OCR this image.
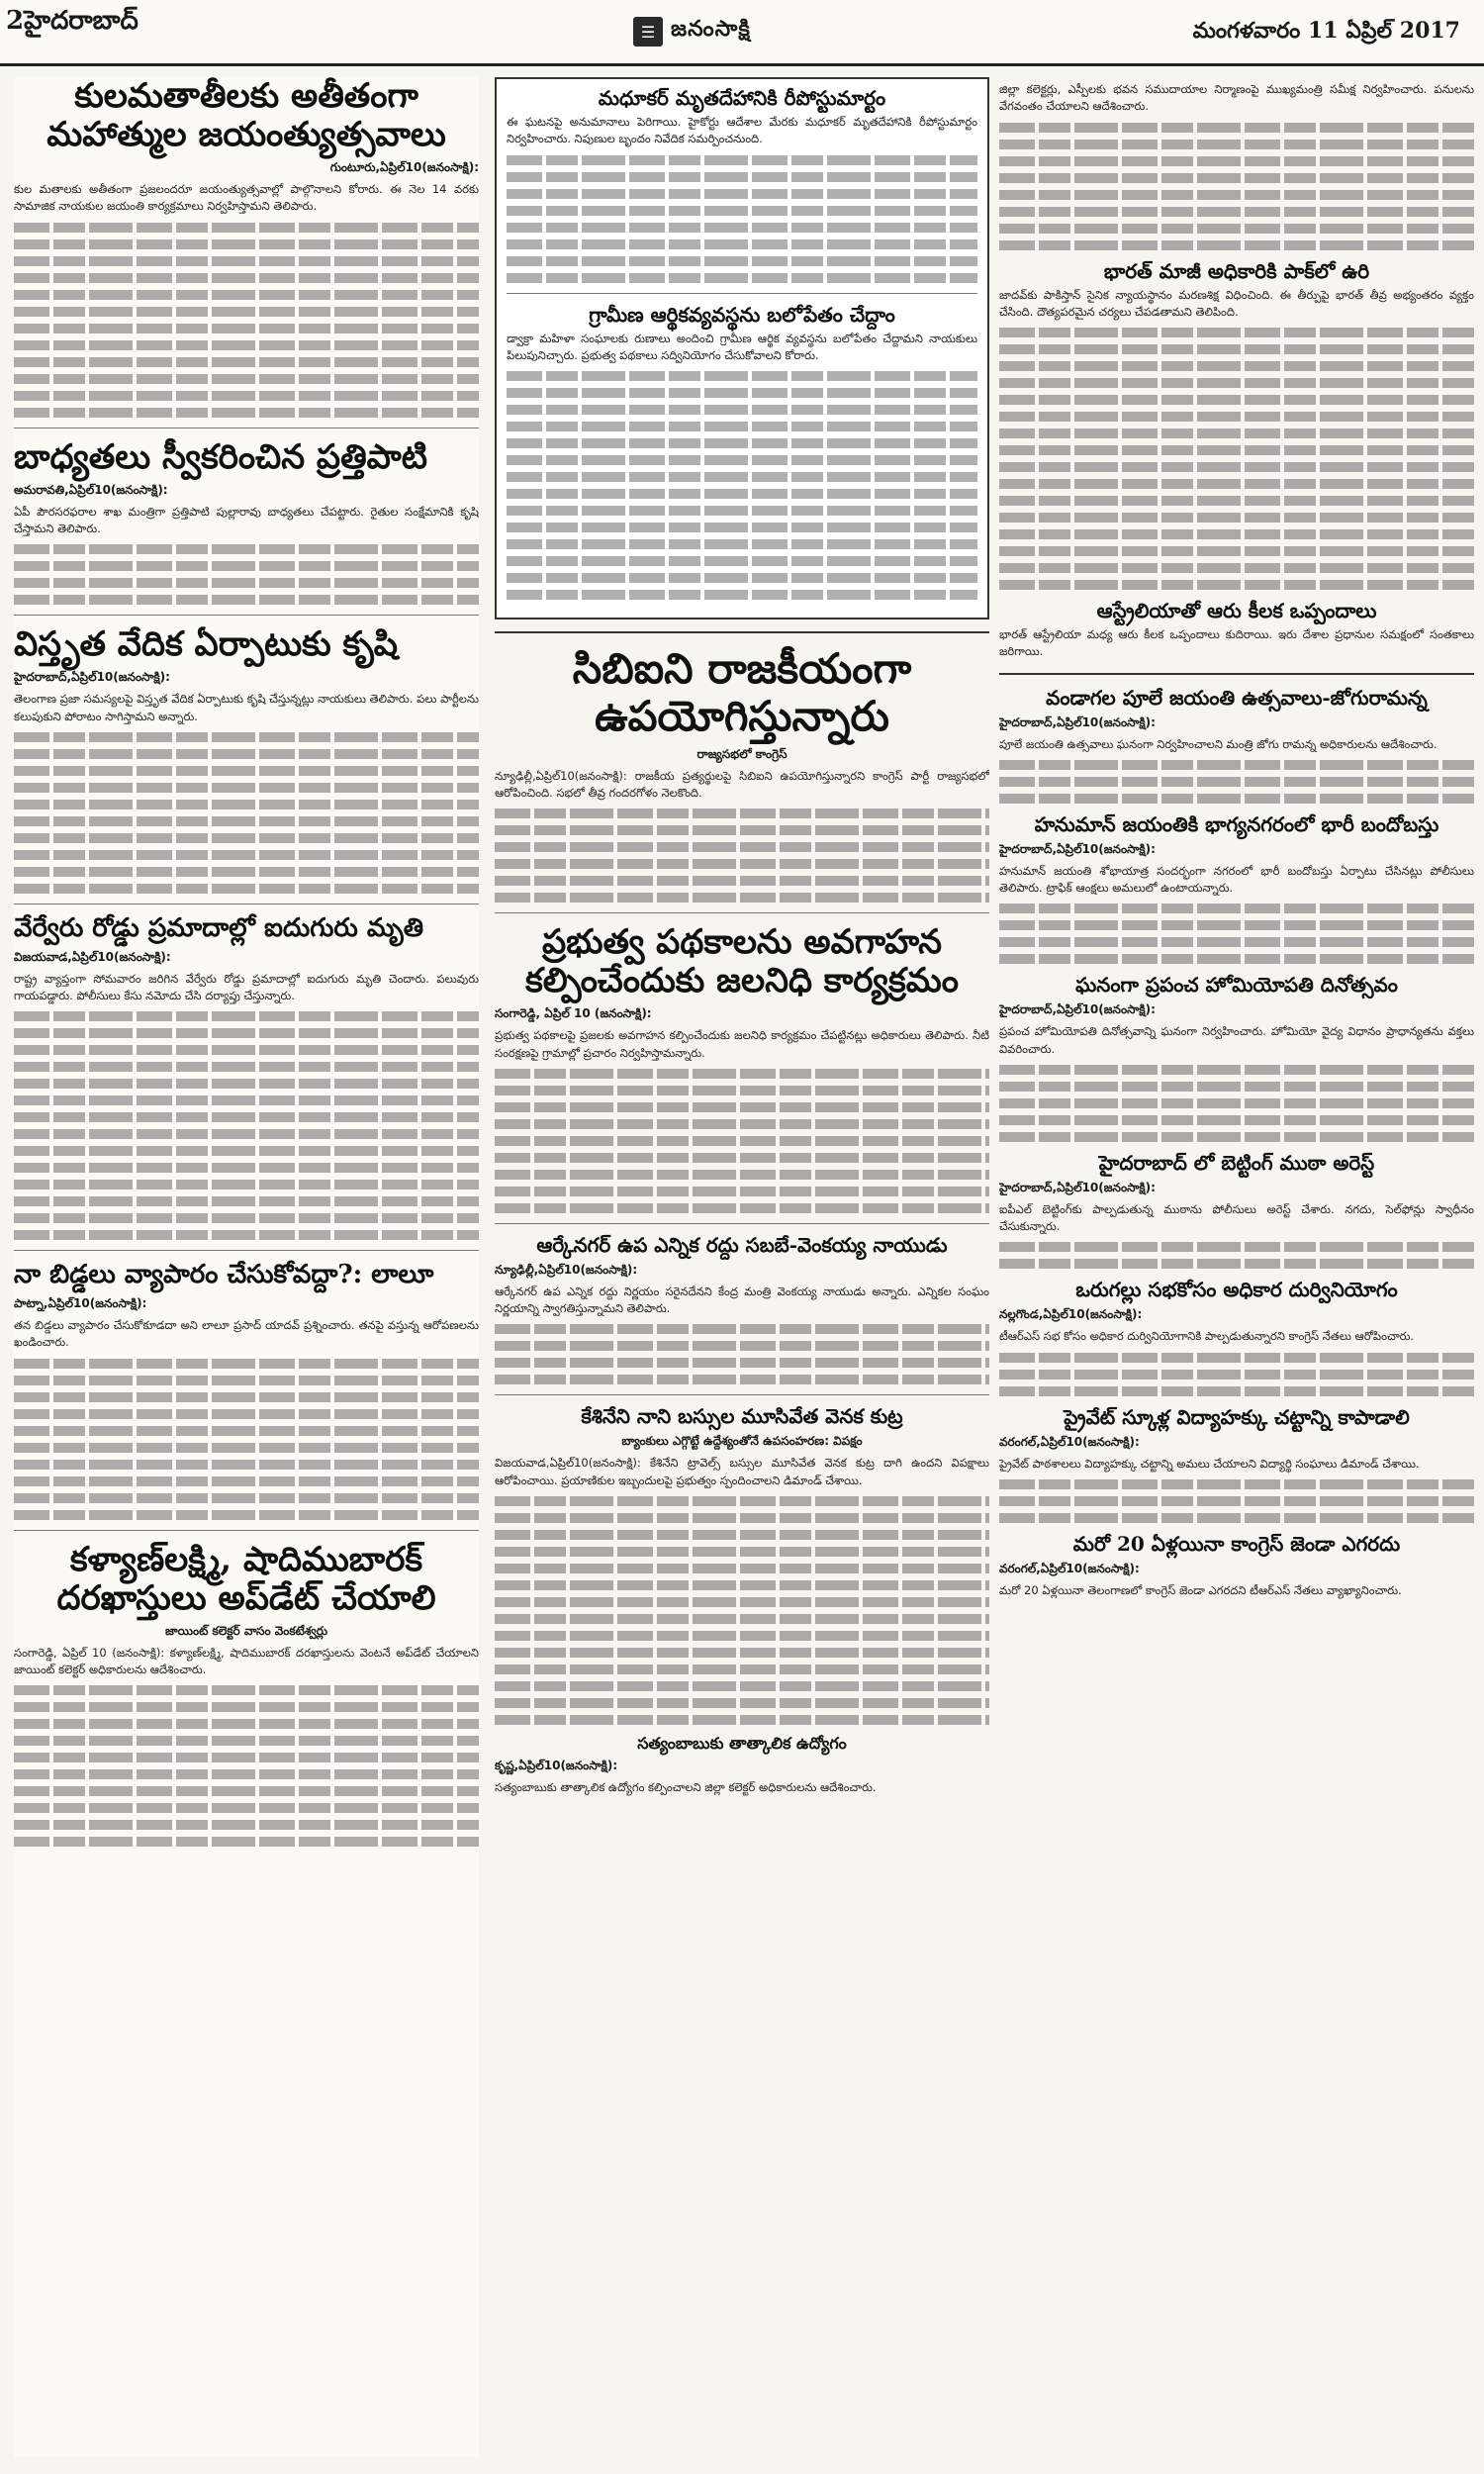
2హైదరాబాద్	☰ జనంసాక్షి	మంగళవారం 11 ఏప్రిల్ 2017
కులమతాతీలకు అతీతంగా మహాత్ముల జయంత్యుత్సవాలు
గుంటూరు,ఏప్రిల్10(జనంసాక్షి):

కుల మతాలకు అతీతంగా ప్రజలందరూ జయంత్యుత్సవాల్లో పాల్గొనాలని కోరారు. ఈ నెల 14 వరకు సామాజిక నాయకుల జయంతి కార్యక్రమాలు నిర్వహిస్తామని తెలిపారు.

బాధ్యతలు స్వీకరించిన ప్రత్తిపాటి
అమరావతి,ఏప్రిల్10(జనంసాక్షి):

ఏపీ పౌరసరఫరాల శాఖ మంత్రిగా ప్రత్తిపాటి పుల్లారావు బాధ్యతలు చేపట్టారు. రైతుల సంక్షేమానికి కృషి చేస్తామని తెలిపారు.

విస్తృత వేదిక ఏర్పాటుకు కృషి
హైదరాబాద్,ఏప్రిల్10(జనంసాక్షి):

తెలంగాణ ప్రజా సమస్యలపై విస్తృత వేదిక ఏర్పాటుకు కృషి చేస్తున్నట్లు నాయకులు తెలిపారు. పలు పార్టీలను కలుపుకుని పోరాటం సాగిస్తామని అన్నారు.

వేర్వేరు రోడ్డు ప్రమాదాల్లో ఐదుగురు మృతి
విజయవాడ,ఏప్రిల్10(జనంసాక్షి):

రాష్ట్ర వ్యాప్తంగా సోమవారం జరిగిన వేర్వేరు రోడ్డు ప్రమాదాల్లో ఐదుగురు మృతి చెందారు. పలువురు గాయపడ్డారు. పోలీసులు కేసు నమోదు చేసి దర్యాప్తు చేస్తున్నారు.

నా బిడ్డలు వ్యాపారం చేసుకోవద్దా?: లాలూ
పాట్నా,ఏప్రిల్10(జనంసాక్షి):

తన బిడ్డలు వ్యాపారం చేసుకోకూడదా అని లాలూ ప్రసాద్ యాదవ్ ప్రశ్నించారు. తనపై వస్తున్న ఆరోపణలను ఖండించారు.

కళ్యాణ్‌లక్ష్మి, షాదిముబారక్ దరఖాస్తులు అప్‌డేట్ చేయాలి
జాయింట్ కలెక్టర్ వాసం వెంకటేశ్వర్లు

సంగారెడ్డి, ఏప్రిల్ 10 (జనంసాక్షి): కళ్యాణ్‌లక్ష్మి, షాదిముబారక్ దరఖాస్తులను వెంటనే అప్‌డేట్ చేయాలని జాయింట్ కలెక్టర్ అధికారులను ఆదేశించారు.

మధూకర్ మృతదేహానికి రీపోస్టుమార్టం

ఈ ఘటనపై అనుమానాలు పెరిగాయి. హైకోర్టు ఆదేశాల మేరకు మధూకర్ మృతదేహానికి రీపోస్టుమార్టం నిర్వహించారు. నిపుణుల బృందం నివేదిక సమర్పించనుంది.

గ్రామీణ ఆర్థికవ్యవస్థను బలోపేతం చేద్దాం

డ్వాక్రా మహిళా సంఘాలకు రుణాలు అందించి గ్రామీణ ఆర్థిక వ్యవస్థను బలోపేతం చేద్దామని నాయకులు పిలుపునిచ్చారు. ప్రభుత్వ పథకాలు సద్వినియోగం చేసుకోవాలని కోరారు.

సిబిఐని రాజకీయంగా ఉపయోగిస్తున్నారు
రాజ్యసభలో కాంగ్రెస్

న్యూఢిల్లీ,ఏప్రిల్10(జనంసాక్షి): రాజకీయ ప్రత్యర్థులపై సిబిఐని ఉపయోగిస్తున్నారని కాంగ్రెస్ పార్టీ రాజ్యసభలో ఆరోపించింది. సభలో తీవ్ర గందరగోళం నెలకొంది.

ప్రభుత్వ పథకాలను అవగాహన కల్పించేందుకు జలనిధి కార్యక్రమం
సంగారెడ్డి, ఏప్రిల్ 10 (జనంసాక్షి):

ప్రభుత్వ పథకాలపై ప్రజలకు అవగాహన కల్పించేందుకు జలనిధి కార్యక్రమం చేపట్టినట్లు అధికారులు తెలిపారు. నీటి సంరక్షణపై గ్రామాల్లో ప్రచారం నిర్వహిస్తామన్నారు.

ఆర్కేనగర్ ఉప ఎన్నిక రద్దు సబబే-వెంకయ్య నాయుడు
న్యూఢిల్లీ,ఏప్రిల్10(జనంసాక్షి):

ఆర్కేనగర్ ఉప ఎన్నిక రద్దు నిర్ణయం సరైనదేనని కేంద్ర మంత్రి వెంకయ్య నాయుడు అన్నారు. ఎన్నికల సంఘం నిర్ణయాన్ని స్వాగతిస్తున్నామని తెలిపారు.

కేశినేని నాని బస్సుల మూసివేత వెనక కుట్ర
బ్యాంకులు ఎగ్గొట్టే ఉద్దేశ్యంతోనే ఉపసంహరణ: విపక్షం

విజయవాడ,ఏప్రిల్10(జనంసాక్షి): కేశినేని ట్రావెల్స్ బస్సుల మూసివేత వెనక కుట్ర దాగి ఉందని విపక్షాలు ఆరోపించాయి. ప్రయాణికుల ఇబ్బందులపై ప్రభుత్వం స్పందించాలని డిమాండ్ చేశాయి.

సత్యంబాబుకు తాత్కాలిక ఉద్యోగం
కృష్ణ,ఏప్రిల్10(జనంసాక్షి):

సత్యంబాబుకు తాత్కాలిక ఉద్యోగం కల్పించాలని జిల్లా కలెక్టర్ అధికారులను ఆదేశించారు.

జిల్లా కలెక్టర్లు, ఎస్పీలకు భవన సముదాయాల నిర్మాణంపై ముఖ్యమంత్రి సమీక్ష నిర్వహించారు. పనులను వేగవంతం చేయాలని ఆదేశించారు.

భారత్ మాజీ అధికారికి పాక్‌లో ఉరి

జాదవ్‌కు పాకిస్తాన్ సైనిక న్యాయస్థానం మరణశిక్ష విధించింది. ఈ తీర్పుపై భారత్ తీవ్ర అభ్యంతరం వ్యక్తం చేసింది. దౌత్యపరమైన చర్యలు చేపడతామని తెలిపింది.

ఆస్ట్రేలియాతో ఆరు కీలక ఒప్పందాలు

భారత్ ఆస్ట్రేలియా మధ్య ఆరు కీలక ఒప్పందాలు కుదిరాయి. ఇరు దేశాల ప్రధానుల సమక్షంలో సంతకాలు జరిగాయి.

వండాగల పూలే జయంతి ఉత్సవాలు-జోగురామన్న
హైదరాబాద్,ఏప్రిల్10(జనంసాక్షి):

పూలే జయంతి ఉత్సవాలు ఘనంగా నిర్వహించాలని మంత్రి జోగు రామన్న అధికారులను ఆదేశించారు.

హనుమాన్ జయంతికి భాగ్యనగరంలో భారీ బందోబస్తు
హైదరాబాద్,ఏప్రిల్10(జనంసాక్షి):

హనుమాన్ జయంతి శోభాయాత్ర సందర్భంగా నగరంలో భారీ బందోబస్తు ఏర్పాటు చేసినట్లు పోలీసులు తెలిపారు. ట్రాఫిక్ ఆంక్షలు అమలులో ఉంటాయన్నారు.

ఘనంగా ప్రపంచ హోమియోపతి దినోత్సవం
హైదరాబాద్,ఏప్రిల్10(జనంసాక్షి):

ప్రపంచ హోమియోపతి దినోత్సవాన్ని ఘనంగా నిర్వహించారు. హోమియో వైద్య విధానం ప్రాధాన్యతను వక్తలు వివరించారు.

హైదరాబాద్ లో బెట్టింగ్ ముఠా అరెస్ట్
హైదరాబాద్,ఏప్రిల్10(జనంసాక్షి):

ఐపీఎల్ బెట్టింగ్‌కు పాల్పడుతున్న ముఠాను పోలీసులు అరెస్ట్ చేశారు. నగదు, సెల్‌ఫోన్లు స్వాధీనం చేసుకున్నారు.

ఒరుగల్లు సభకోసం అధికార దుర్వినియోగం
నల్లగొండ,ఏప్రిల్10(జనంసాక్షి):

టీఆర్ఎస్ సభ కోసం అధికార దుర్వినియోగానికి పాల్పడుతున్నారని కాంగ్రెస్ నేతలు ఆరోపించారు.

ప్రైవేట్ స్కూళ్ల విద్యాహక్కు చట్టాన్ని కాపాడాలి
వరంగల్,ఏప్రిల్10(జనంసాక్షి):

ప్రైవేట్ పాఠశాలలు విద్యాహక్కు చట్టాన్ని అమలు చేయాలని విద్యార్థి సంఘాలు డిమాండ్ చేశాయి.

మరో 20 ఏళ్లయినా కాంగ్రెస్ జెండా ఎగరదు
వరంగల్,ఏప్రిల్10(జనంసాక్షి):

మరో 20 ఏళ్లయినా తెలంగాణలో కాంగ్రెస్ జెండా ఎగరదని టీఆర్ఎస్ నేతలు వ్యాఖ్యానించారు.
